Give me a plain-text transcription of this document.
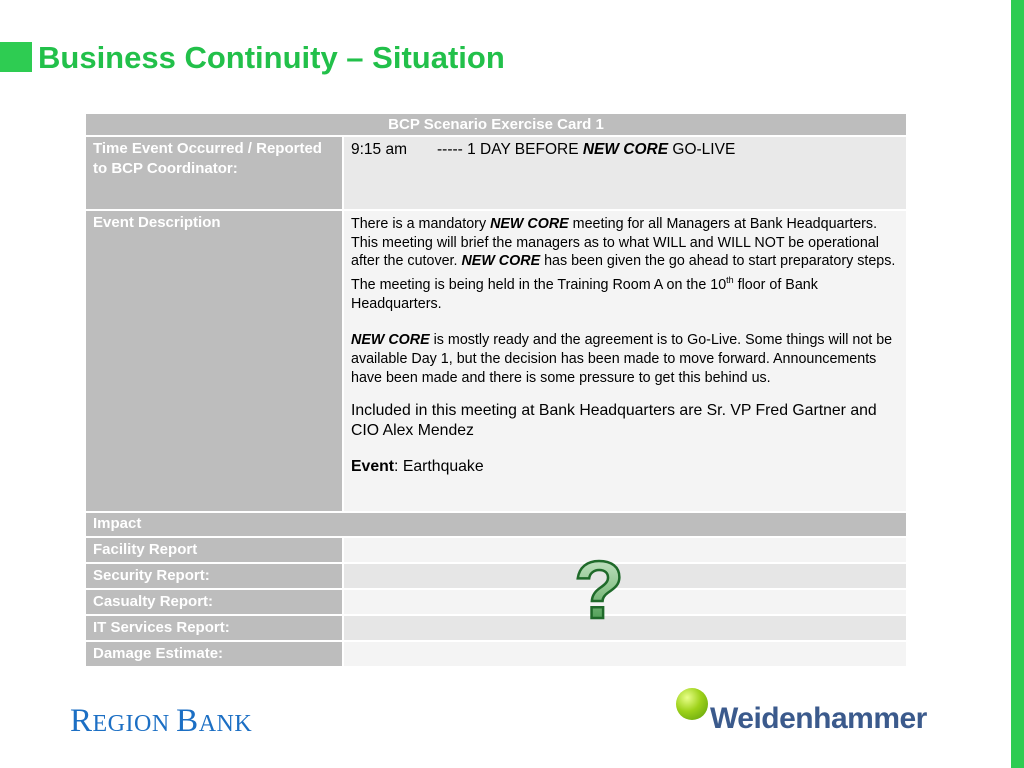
Business Continuity – Situation
BCP Scenario Exercise Card 1	
Time Event Occurred / Reported to BCP Coordinator:	9:15 am ----- 1 DAY BEFORE NEW CORE GO-LIVE
Event Description	There is a mandatory NEW CORE meeting for all Managers at Bank Headquarters. This meeting will brief the managers as to what WILL and WILL NOT be operational after the cutover. NEW CORE has been given the go ahead to start preparatory steps. The meeting is being held in the Training Room A on the 10th floor of Bank Headquarters.

NEW CORE is mostly ready and the agreement is to Go-Live. Some things will not be available Day 1, but the decision has been made to move forward. Announcements have been made and there is some pressure to get this behind us.

Included in this meeting at Bank Headquarters are Sr. VP Fred Gartner and CIO Alex Mendez

Event: Earthquake

Impact	
Facility Report	
Security Report:	
Casualty Report:	
IT Services Report:	
Damage Estimate:	
?
REGION BANK	Weidenhammer
